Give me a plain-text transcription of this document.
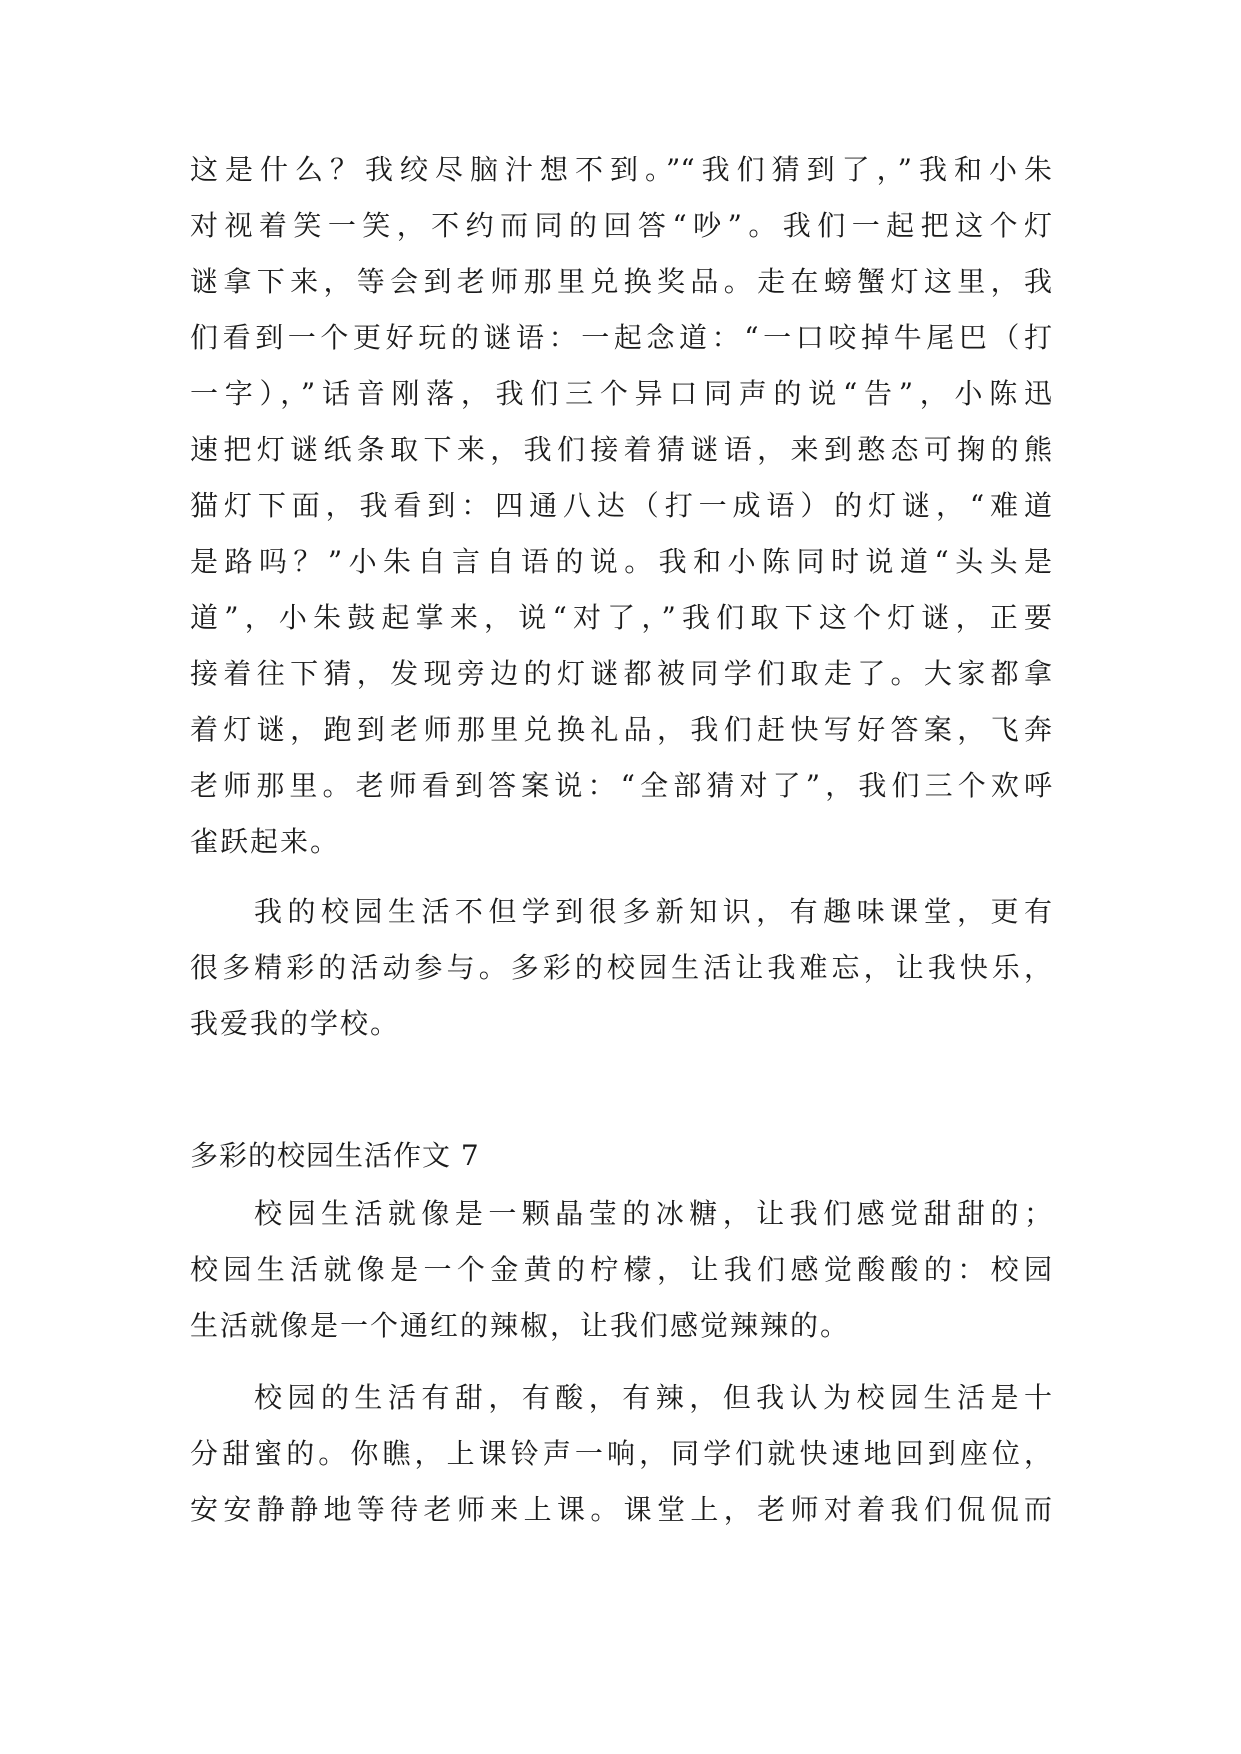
这是什么？我绞尽脑汁想不到。”“我们猜到了，”我和小朱
对视着笑一笑，不约而同的回答“吵”。我们一起把这个灯
谜拿下来，等会到老师那里兑换奖品。走在螃蟹灯这里，我
们看到一个更好玩的谜语：一起念道：“一口咬掉牛尾巴（打
一字），”话音刚落，我们三个异口同声的说“告”，小陈迅
速把灯谜纸条取下来，我们接着猜谜语，来到憨态可掬的熊
猫灯下面，我看到：四通八达（打一成语）的灯谜，“难道
是路吗？”小朱自言自语的说。我和小陈同时说道“头头是
道”，小朱鼓起掌来，说“对了，”我们取下这个灯谜，正要
接着往下猜，发现旁边的灯谜都被同学们取走了。大家都拿
着灯谜，跑到老师那里兑换礼品，我们赶快写好答案，飞奔
老师那里。老师看到答案说：“全部猜对了”，我们三个欢呼
雀跃起来。
我的校园生活不但学到很多新知识，有趣味课堂，更有
很多精彩的活动参与。多彩的校园生活让我难忘，让我快乐，
我爱我的学校。
多彩的校园生活作文 7
校园生活就像是一颗晶莹的冰糖，让我们感觉甜甜的；
校园生活就像是一个金黄的柠檬，让我们感觉酸酸的：校园
生活就像是一个通红的辣椒，让我们感觉辣辣的。
校园的生活有甜，有酸，有辣，但我认为校园生活是十
分甜蜜的。你瞧，上课铃声一响，同学们就快速地回到座位，
安安静静地等待老师来上课。课堂上，老师对着我们侃侃而
